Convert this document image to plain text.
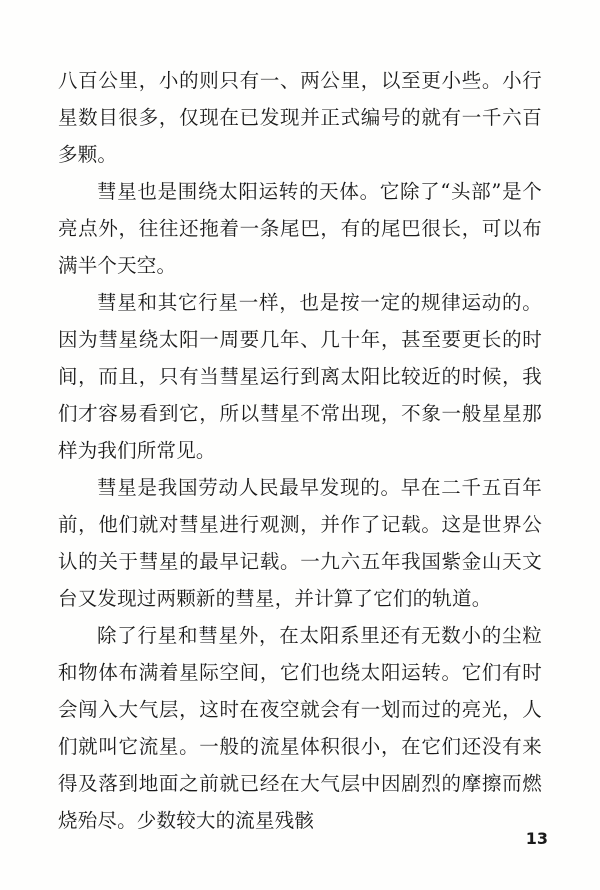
八百公里，小的则只有一、两公里，以至更小些。小行星数目很多，仅现在已发现并正式编号的就有一千六百多颗。

彗星也是围绕太阳运转的天体。它除了“头部”是个亮点外，往往还拖着一条尾巴，有的尾巴很长，可以布满半个天空。

彗星和其它行星一样，也是按一定的规律运动的。因为彗星绕太阳一周要几年、几十年，甚至要更长的时间，而且，只有当彗星运行到离太阳比较近的时候，我们才容易看到它，所以彗星不常出现，不象一般星星那样为我们所常见。

彗星是我国劳动人民最早发现的。早在二千五百年前，他们就对彗星进行观测，并作了记载。这是世界公认的关于彗星的最早记载。一九六五年我国紫金山天文台又发现过两颗新的彗星，并计算了它们的轨道。

除了行星和彗星外，在太阳系里还有无数小的尘粒和物体布满着星际空间，它们也绕太阳运转。它们有时会闯入大气层，这时在夜空就会有一划而过的亮光，人们就叫它流星。一般的流星体积很小，在它们还没有来得及落到地面之前就已经在大气层中因剧烈的摩擦而燃烧殆尽。少数较大的流星残骸

13
